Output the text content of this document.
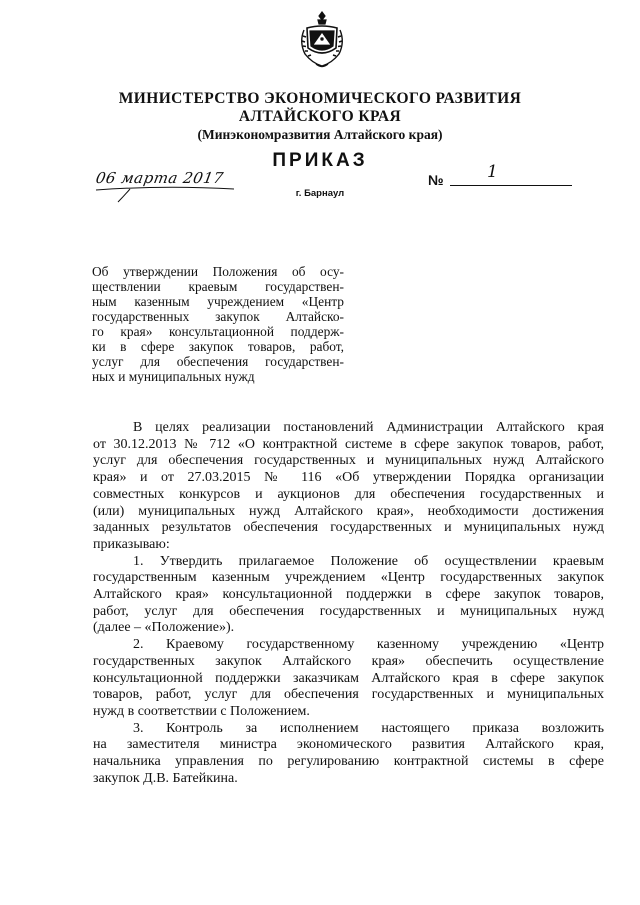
МИНИСТЕРСТВО ЭКОНОМИЧЕСКОГО РАЗВИТИЯ
АЛТАЙСКОГО КРАЯ
(Минэкономразвития Алтайского края)
ПРИКАЗ
06 марта 2017	№	1
г. Барнаул
Об утверждении Положения об осу-
ществлении краевым государствен-
ным казенным учреждением «Центр
государственных закупок Алтайско-
го края» консультационной поддерж-
ки в сфере закупок товаров, работ,
услуг для обеспечения государствен-
ных и муниципальных нужд
В целях реализации постановлений Администрации Алтайского края
от 30.12.2013 № 712 «О контрактной системе в сфере закупок товаров, работ,
услуг для обеспечения государственных и муниципальных нужд Алтайского
края» и от 27.03.2015 № 116 «Об утверждении Порядка организации
совместных конкурсов и аукционов для обеспечения государственных и
(или) муниципальных нужд Алтайского края», необходимости достижения
заданных результатов обеспечения государственных и муниципальных нужд
приказываю:
1. Утвердить прилагаемое Положение об осуществлении краевым
государственным казенным учреждением «Центр государственных закупок
Алтайского края» консультационной поддержки в сфере закупок товаров,
работ, услуг для обеспечения государственных и муниципальных нужд
(далее – «Положение»).
2. Краевому государственному казенному учреждению «Центр
государственных закупок Алтайского края» обеспечить осуществление
консультационной поддержки заказчикам Алтайского края в сфере закупок
товаров, работ, услуг для обеспечения государственных и муниципальных
нужд в соответствии с Положением.
3. Контроль за исполнением настоящего приказа возложить
на заместителя министра экономического развития Алтайского края,
начальника управления по регулированию контрактной системы в сфере
закупок Д.В. Батейкина.
